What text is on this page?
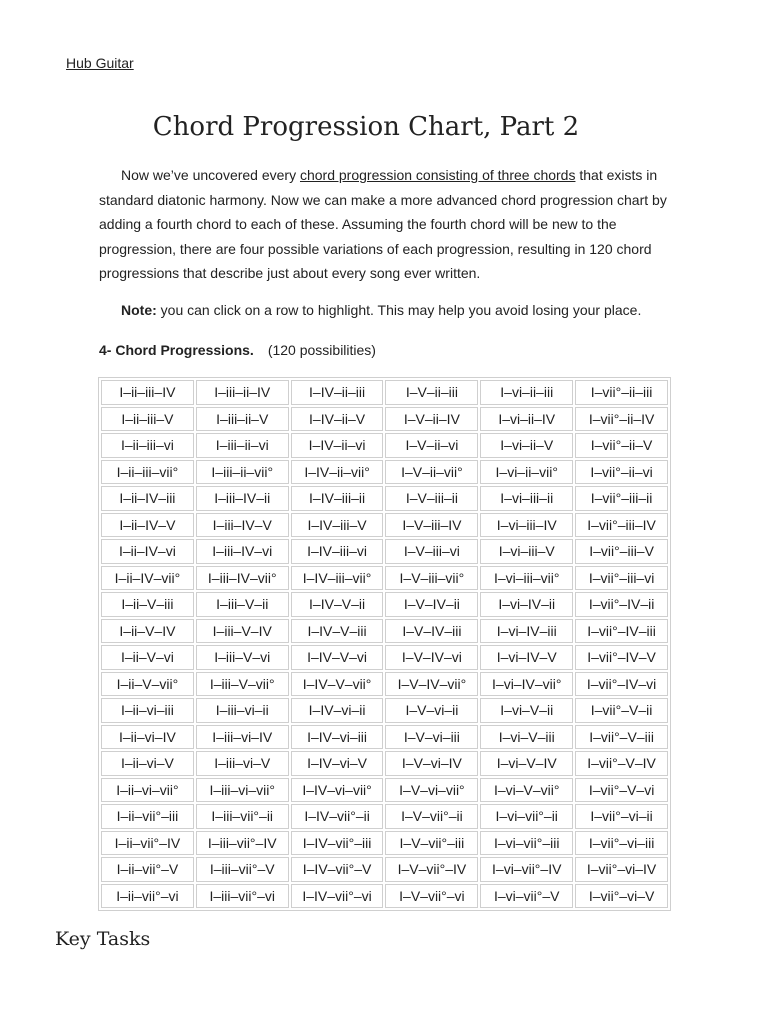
Hub Guitar
Chord Progression Chart, Part 2

Now we’ve uncovered every chord progression consisting of three chords that exists in standard diatonic harmony. Now we can make a more advanced chord progression chart by adding a fourth chord to each of these. Assuming the fourth chord will be new to the progression, there are four possible variations of each progression, resulting in 120 chord progressions that describe just about every song ever written.

Note: you can click on a row to highlight. This may help you avoid losing your place.

4- Chord Progressions. (120 possibilities)

I–ii–iii–IV	I–iii–ii–IV	I–IV–ii–iii	I–V–ii–iii	I–vi–ii–iii	I–vii°–ii–iii
I–ii–iii–V	I–iii–ii–V	I–IV–ii–V	I–V–ii–IV	I–vi–ii–IV	I–vii°–ii–IV
I–ii–iii–vi	I–iii–ii–vi	I–IV–ii–vi	I–V–ii–vi	I–vi–ii–V	I–vii°–ii–V
I–ii–iii–vii°	I–iii–ii–vii°	I–IV–ii–vii°	I–V–ii–vii°	I–vi–ii–vii°	I–vii°–ii–vi
I–ii–IV–iii	I–iii–IV–ii	I–IV–iii–ii	I–V–iii–ii	I–vi–iii–ii	I–vii°–iii–ii
I–ii–IV–V	I–iii–IV–V	I–IV–iii–V	I–V–iii–IV	I–vi–iii–IV	I–vii°–iii–IV
I–ii–IV–vi	I–iii–IV–vi	I–IV–iii–vi	I–V–iii–vi	I–vi–iii–V	I–vii°–iii–V
I–ii–IV–vii°	I–iii–IV–vii°	I–IV–iii–vii°	I–V–iii–vii°	I–vi–iii–vii°	I–vii°–iii–vi
I–ii–V–iii	I–iii–V–ii	I–IV–V–ii	I–V–IV–ii	I–vi–IV–ii	I–vii°–IV–ii
I–ii–V–IV	I–iii–V–IV	I–IV–V–iii	I–V–IV–iii	I–vi–IV–iii	I–vii°–IV–iii
I–ii–V–vi	I–iii–V–vi	I–IV–V–vi	I–V–IV–vi	I–vi–IV–V	I–vii°–IV–V
I–ii–V–vii°	I–iii–V–vii°	I–IV–V–vii°	I–V–IV–vii°	I–vi–IV–vii°	I–vii°–IV–vi
I–ii–vi–iii	I–iii–vi–ii	I–IV–vi–ii	I–V–vi–ii	I–vi–V–ii	I–vii°–V–ii
I–ii–vi–IV	I–iii–vi–IV	I–IV–vi–iii	I–V–vi–iii	I–vi–V–iii	I–vii°–V–iii
I–ii–vi–V	I–iii–vi–V	I–IV–vi–V	I–V–vi–IV	I–vi–V–IV	I–vii°–V–IV
I–ii–vi–vii°	I–iii–vi–vii°	I–IV–vi–vii°	I–V–vi–vii°	I–vi–V–vii°	I–vii°–V–vi
I–ii–vii°–iii	I–iii–vii°–ii	I–IV–vii°–ii	I–V–vii°–ii	I–vi–vii°–ii	I–vii°–vi–ii
I–ii–vii°–IV	I–iii–vii°–IV	I–IV–vii°–iii	I–V–vii°–iii	I–vi–vii°–iii	I–vii°–vi–iii
I–ii–vii°–V	I–iii–vii°–V	I–IV–vii°–V	I–V–vii°–IV	I–vi–vii°–IV	I–vii°–vi–IV
I–ii–vii°–vi	I–iii–vii°–vi	I–IV–vii°–vi	I–V–vii°–vi	I–vi–vii°–V	I–vii°–vi–V
Key Tasks
